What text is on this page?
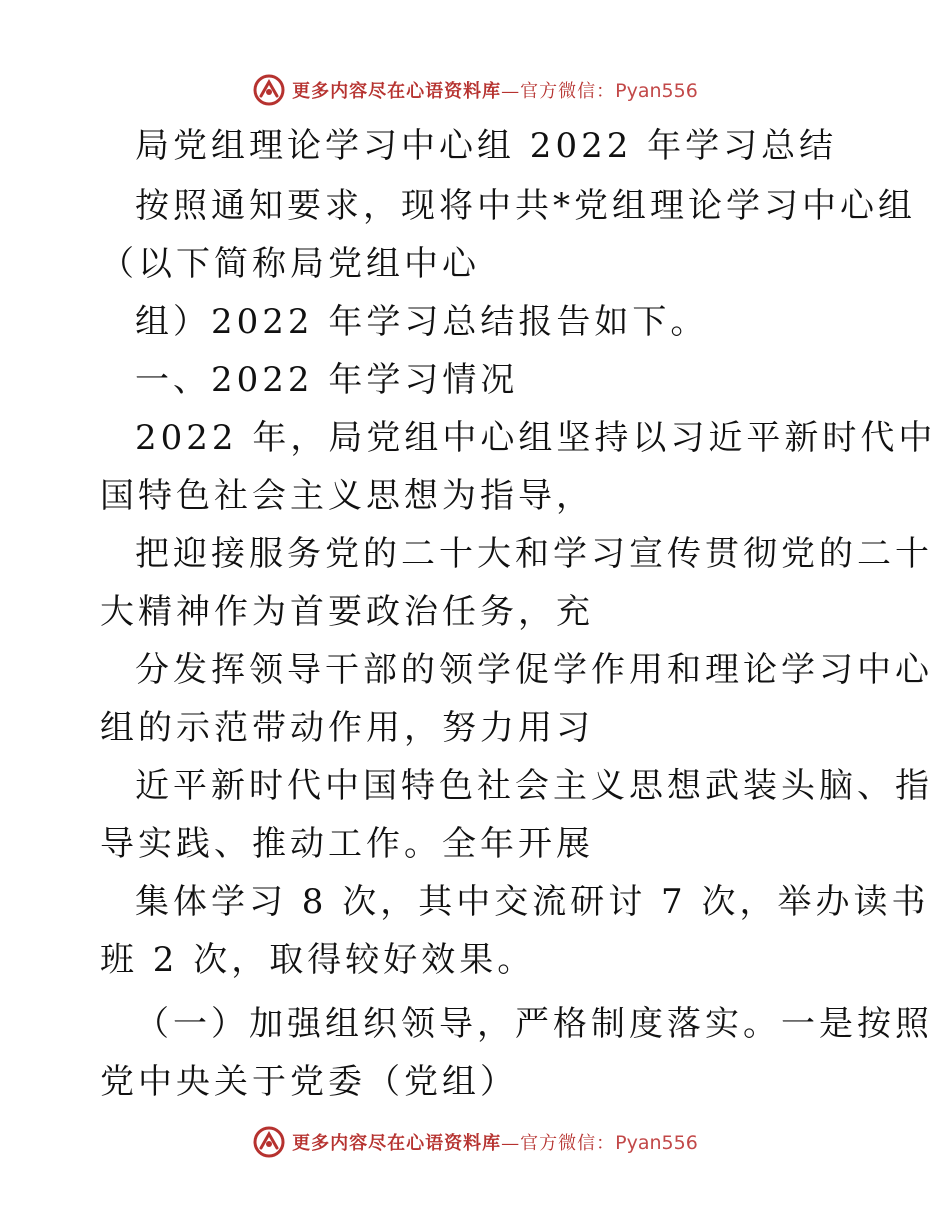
更多内容尽在心语资料库—官方微信：Pyan556
局党组理论学习中心组 2022 年学习总结
按照通知要求，现将中共*党组理论学习中心组
（以下简称局党组中心
组）2022 年学习总结报告如下。
一、2022 年学习情况
2022 年，局党组中心组坚持以习近平新时代中
国特色社会主义思想为指导，
把迎接服务党的二十大和学习宣传贯彻党的二十
大精神作为首要政治任务，充
分发挥领导干部的领学促学作用和理论学习中心
组的示范带动作用，努力用习
近平新时代中国特色社会主义思想武装头脑、指
导实践、推动工作。全年开展
集体学习 8 次，其中交流研讨 7 次，举办读书
班 2 次，取得较好效果。
（一）加强组织领导，严格制度落实。一是按照
党中央关于党委（党组）
更多内容尽在心语资料库—官方微信：Pyan556
